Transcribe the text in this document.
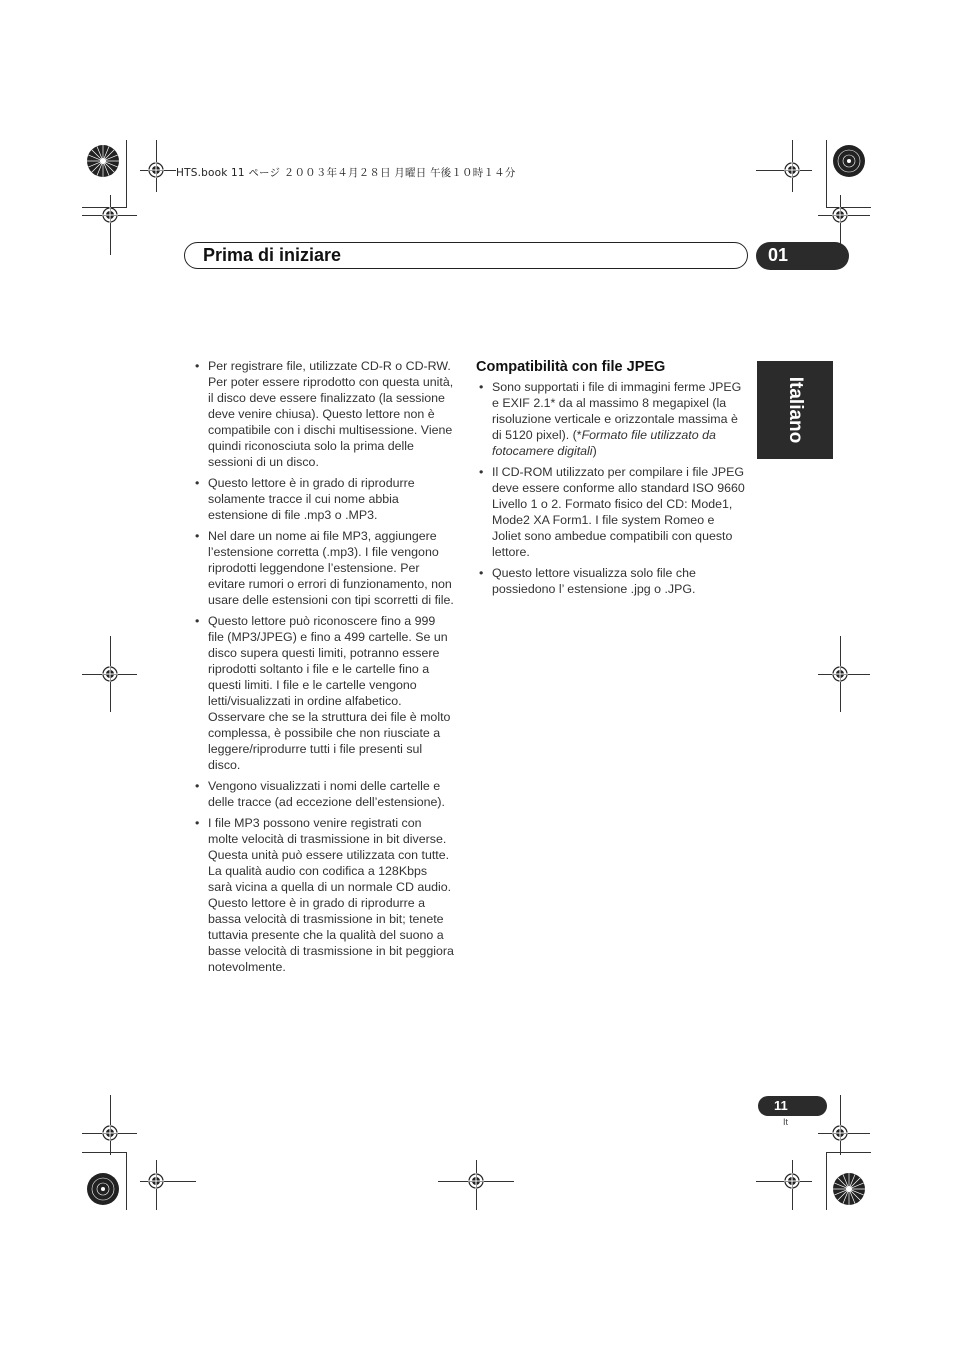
HTS.book 11 ページ ２００３年４月２８日 月曜日 午後１０時１４分
Prima di iniziare	01
Italiano
• Per registrare file, utilizzate CD-R o CD-RW. Per poter essere riprodotto con questa unità, il disco deve essere finalizzato (la sessione deve venire chiusa). Questo lettore non è compatibile con i dischi multisessione. Viene quindi riconosciuta solo la prima delle sessioni di un disco.
• Questo lettore è in grado di riprodurre solamente tracce il cui nome abbia estensione di file .mp3 o .MP3.
• Nel dare un nome ai file MP3, aggiungere l’estensione corretta (.mp3). I file vengono riprodotti leggendone l’estensione. Per evitare rumori o errori di funzionamento, non usare delle estensioni con tipi scorretti di file.
• Questo lettore può riconoscere fino a 999 file (MP3/JPEG) e fino a 499 cartelle. Se un disco supera questi limiti, potranno essere riprodotti soltanto i file e le cartelle fino a questi limiti. I file e le cartelle vengono letti/visualizzati in ordine alfabetico. Osservare che se la struttura dei file è molto complessa, è possibile che non riusciate a leggere/riprodurre tutti i file presenti sul disco.
• Vengono visualizzati i nomi delle cartelle e delle tracce (ad eccezione dell’estensione).
• I file MP3 possono venire registrati con molte velocità di trasmissione in bit diverse. Questa unità può essere utilizzata con tutte. La qualità audio con codifica a 128Kbps sarà vicina a quella di un normale CD audio. Questo lettore è in grado di riprodurre a bassa velocità di trasmissione in bit; tenete tuttavia presente che la qualità del suono a basse velocità di trasmissione in bit peggiora notevolmente.
Compatibilità con file JPEG
• Sono supportati i file di immagini ferme JPEG e EXIF 2.1* da al massimo 8 megapixel (la risoluzione verticale e orizzontale massima è di 5120 pixel). (*Formato file utilizzato da fotocamere digitali)
• Il CD-ROM utilizzato per compilare i file JPEG deve essere conforme allo standard ISO 9660 Livello 1 o 2. Formato fisico del CD: Mode1, Mode2 XA Form1. I file system Romeo e Joliet sono ambedue compatibili con questo lettore.
• Questo lettore visualizza solo file che possiedono l’ estensione .jpg o .JPG.
11
It
